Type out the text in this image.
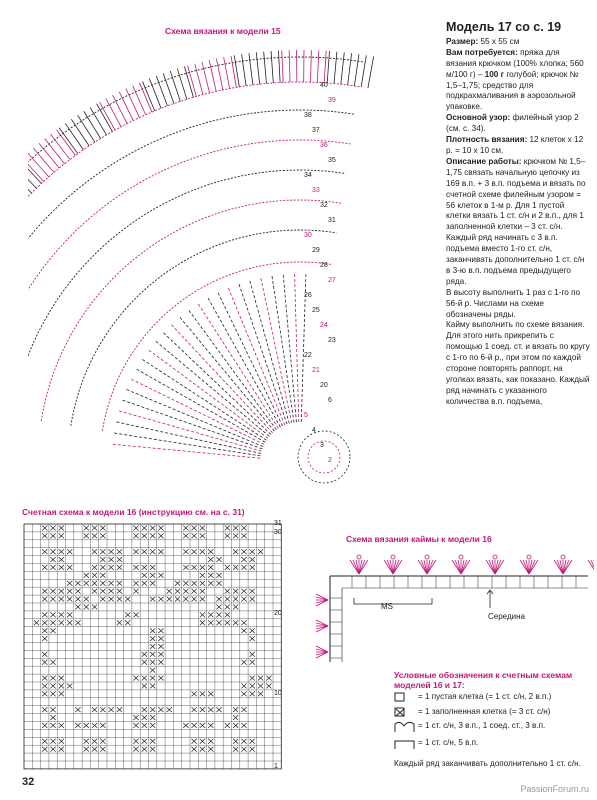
Схема вязания к модели 15
2
3
4
5
6
20
21
22
23
24
25
26
27
28
29
30
31
32
33
34
35
36
37
38
39
40
Модель 17 со с. 19

Размер: 55 x 55 см

Вам потребуется: пряжа для вязания крючком (100% хлопка; 560 м/100 г) – 100 г голубой; крючок № 1,5–1,75; средство для подкрахмаливания в аэрозольной упаковке.

Основной узор: филейный узор 2 (см. с. 34).

Плотность вязания: 12 клеток x 12 р. = 10 x 10 см.

Описание работы: крючком № 1,5–1,75 связать начальную цепочку из 169 в.п. + 3 в.п. подъема и вязать по счетной схеме филейным узором = 56 клеток в 1-м р. Для 1 пустой клетки вязать 1 ст. с/н и 2 в.п., для 1 заполненной клетки – 3 ст. с/н.

Каждый ряд начинать с 3 в.п. подъема вместо 1-го ст. с/н, заканчивать дополнительно 1 ст. с/н в 3-ю в.п. подъема предыдущего ряда.

В высоту выполнить 1 раз с 1-го по 56-й р. Числами на схеме обозначены ряды.

Кайму выполнить по схеме вязания. Для этого нить прикрепить с помощью 1 соед. ст. и вязать по кругу с 1-го по 6-й р., при этом по каждой стороне повторять раппорт, на уголках вязать, как показано. Каждый ряд начинать с указанного количества в.п. подъема,

Счетная схема к модели 16 (инструкцию см. на с. 31)
31
30
20
10
1
Схема вязания каймы к модели 16
MS
Середина
Условные обозначения к счетным схемам моделей 16 и 17:
= 1 пустая клетка (= 1 ст. с/н, 2 в.п.)
= 1 заполненная клетка (= 3 ст. с/н)
= 1 ст. с/н, 3 в.п., 1 соед. ст., 3 в.п.
= 1 ст. с/н, 5 в.п.
Каждый ряд заканчивать дополнительно 1 ст. с/н.
32
PassionForum.ru
